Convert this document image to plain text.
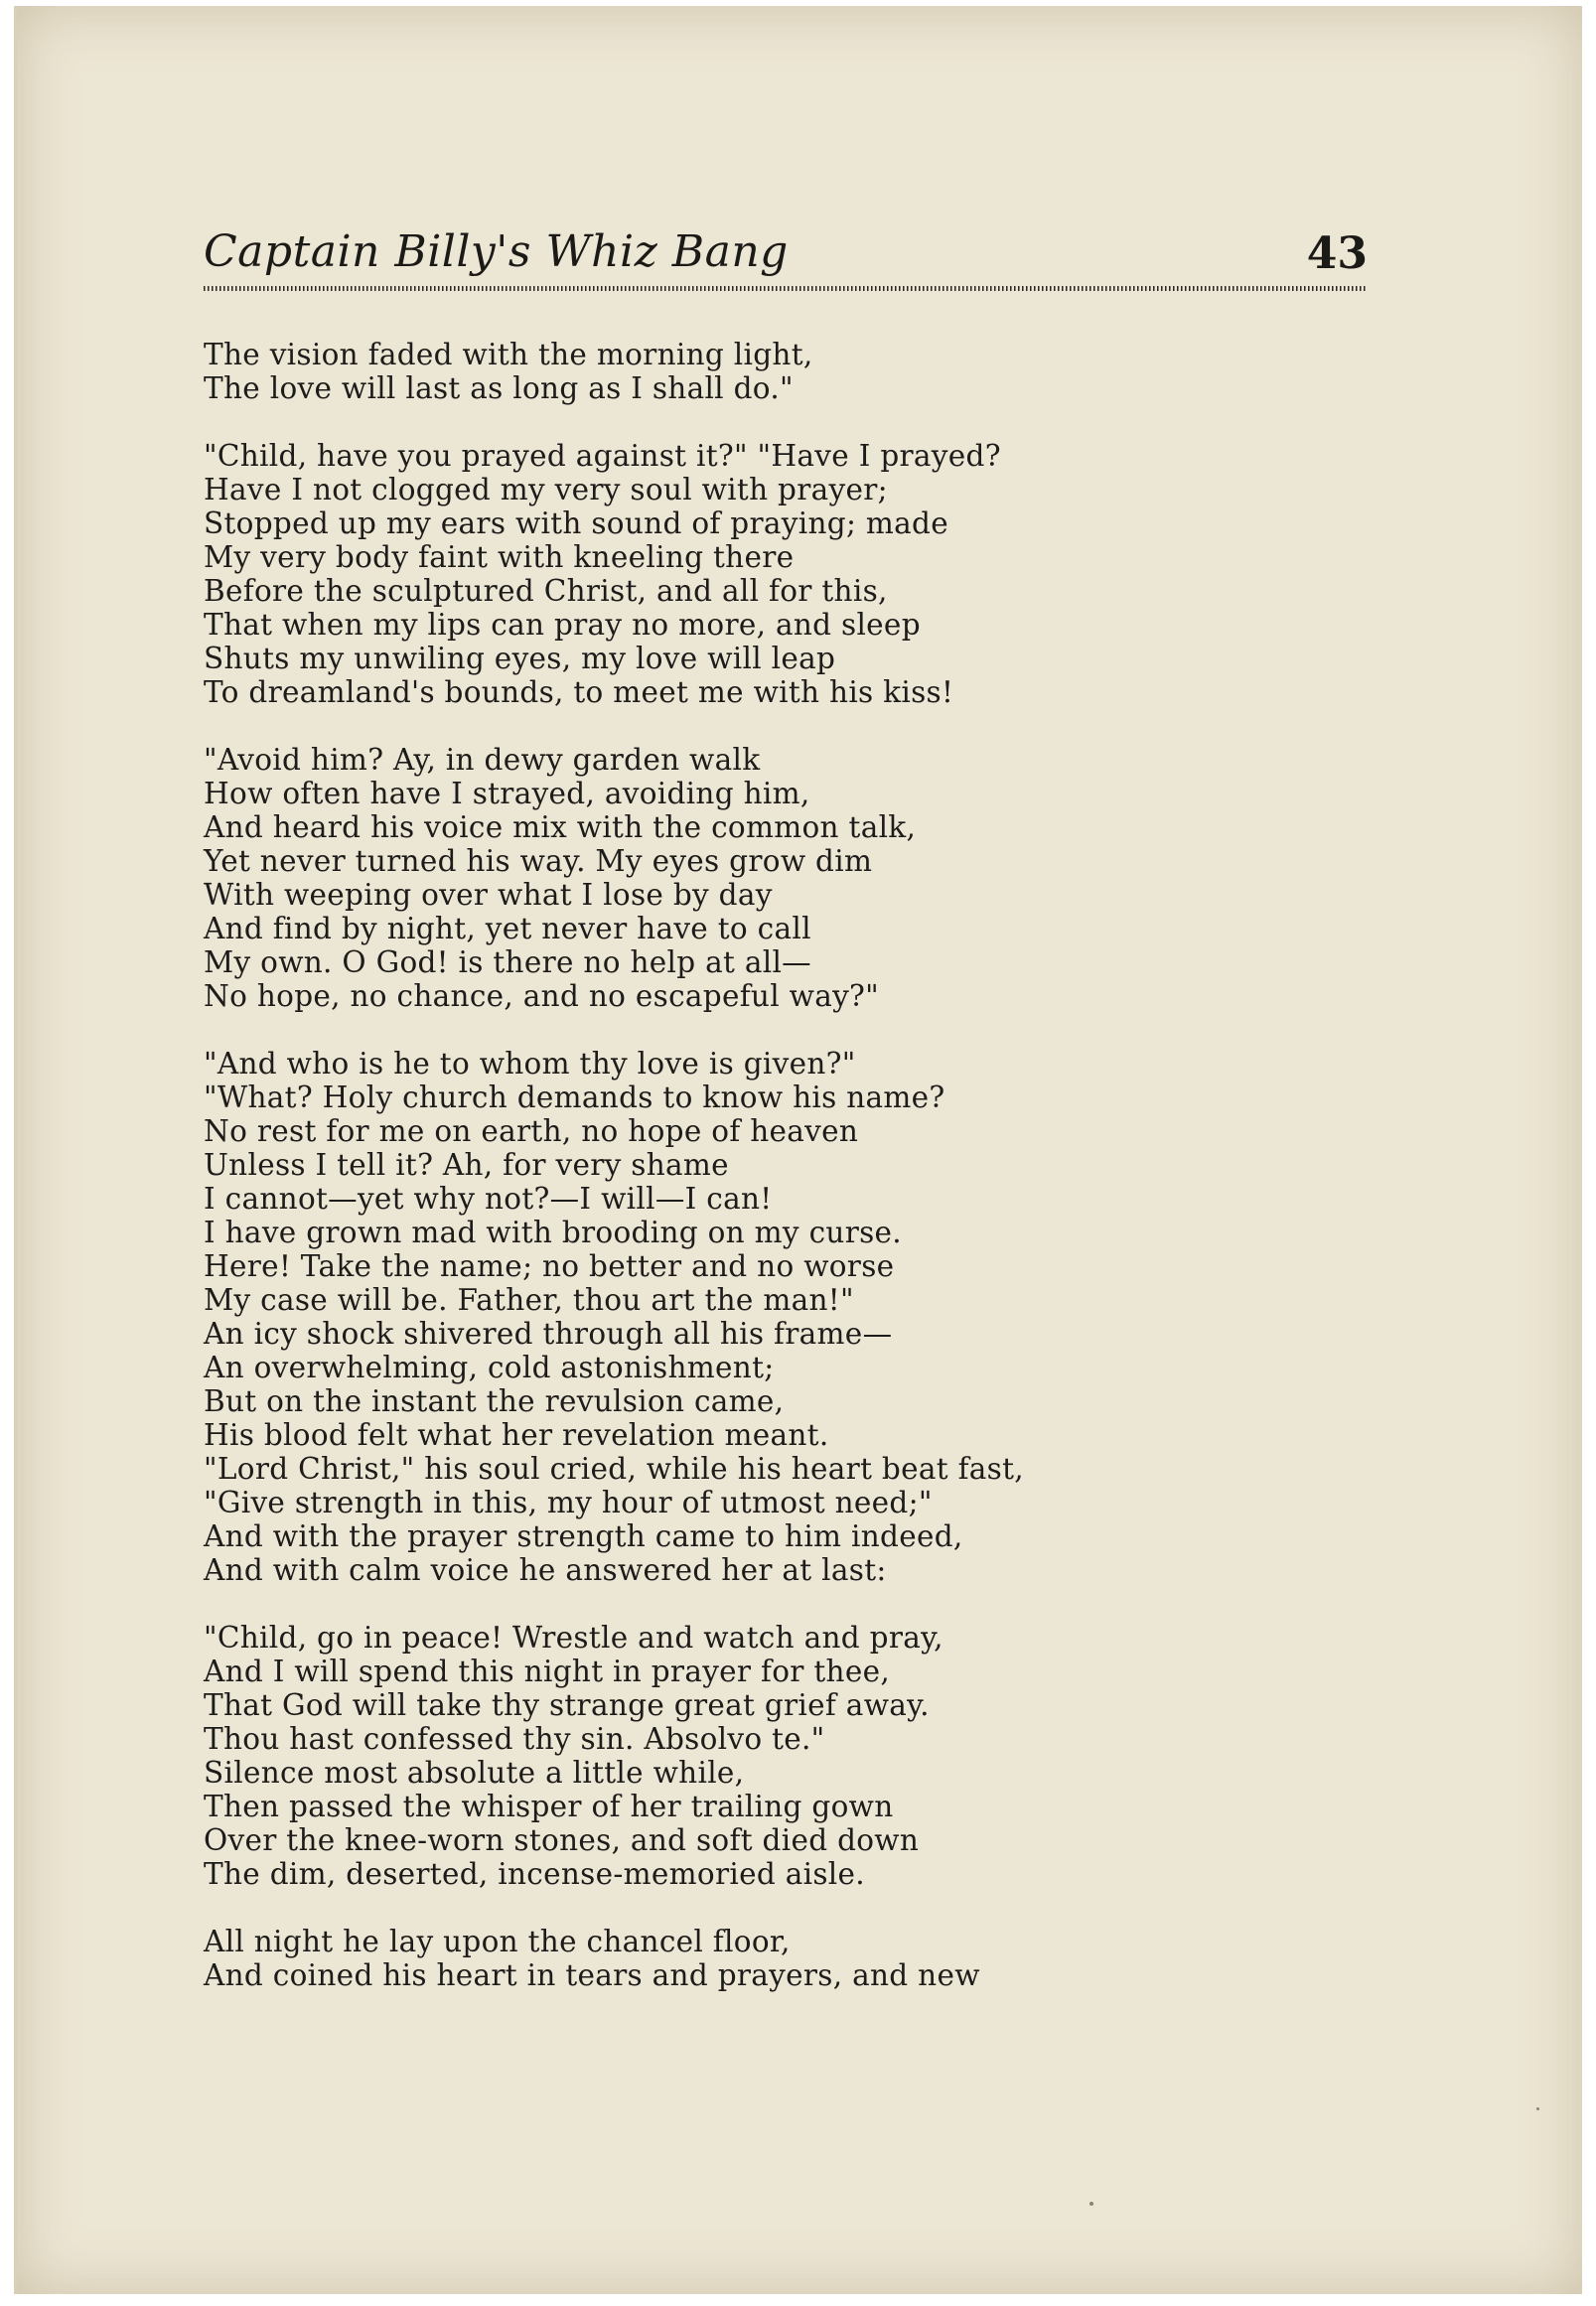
Captain Billy's Whiz Bang	43
The vision faded with the morning light,
The love will last as long as I shall do."
"Child, have you prayed against it?" "Have I prayed?
Have I not clogged my very soul with prayer;
Stopped up my ears with sound of praying; made
My very body faint with kneeling there
Before the sculptured Christ, and all for this,
That when my lips can pray no more, and sleep
Shuts my unwiling eyes, my love will leap
To dreamland's bounds, to meet me with his kiss!
"Avoid him? Ay, in dewy garden walk
How often have I strayed, avoiding him,
And heard his voice mix with the common talk,
Yet never turned his way. My eyes grow dim
With weeping over what I lose by day
And find by night, yet never have to call
My own. O God! is there no help at all—
No hope, no chance, and no escapeful way?"
"And who is he to whom thy love is given?"
"What? Holy church demands to know his name?
No rest for me on earth, no hope of heaven
Unless I tell it? Ah, for very shame
I cannot—yet why not?—I will—I can!
I have grown mad with brooding on my curse.
Here! Take the name; no better and no worse
My case will be. Father, thou art the man!"
An icy shock shivered through all his frame—
An overwhelming, cold astonishment;
But on the instant the revulsion came,
His blood felt what her revelation meant.
"Lord Christ," his soul cried, while his heart beat fast,
"Give strength in this, my hour of utmost need;"
And with the prayer strength came to him indeed,
And with calm voice he answered her at last:
"Child, go in peace! Wrestle and watch and pray,
And I will spend this night in prayer for thee,
That God will take thy strange great grief away.
Thou hast confessed thy sin. Absolvo te."
Silence most absolute a little while,
Then passed the whisper of her trailing gown
Over the knee-worn stones, and soft died down
The dim, deserted, incense-memoried aisle.
All night he lay upon the chancel floor,
And coined his heart in tears and prayers, and new
